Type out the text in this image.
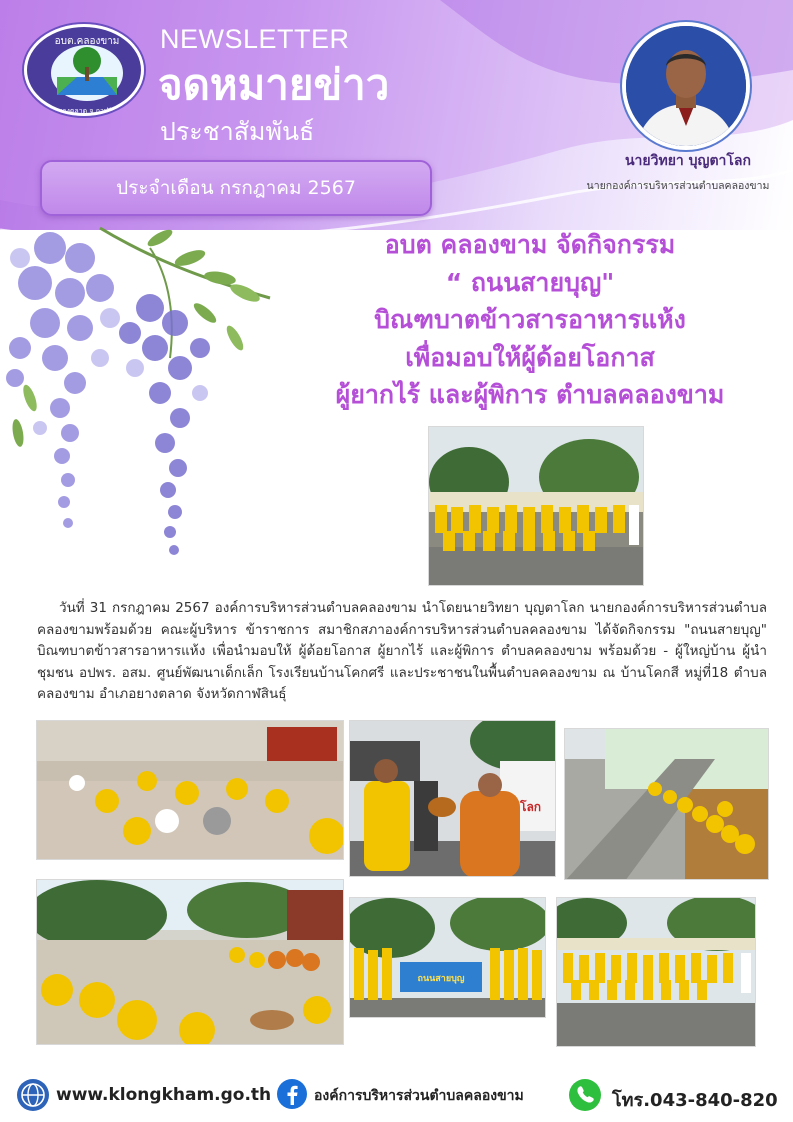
อบต.คลองขาม
อ.ยางตลาด จ.กาฬสินธุ์
NEWSLETTER
จดหมายข่าว
ประชาสัมพันธ์
ประจำเดือน กรกฎาคม 2567
นายวิทยา บุญตาโลก
นายกองค์การบริหารส่วนตำบลคลองขาม
อบต คลองขาม จัดกิจกรรม
“ ถนนสายบุญ"
บิณฑบาตข้าวสารอาหารแห้ง
เพื่อมอบให้ผู้ด้อยโอกาส
ผู้ยากไร้ และผู้พิการ ตำบลคลองขาม
วันที่ 31 กรกฎาคม 2567 องค์การบริหารส่วนตำบลคลองขาม นำโดยนายวิทยา บุญตาโลก นายกองค์การบริหารส่วนตำบลคลองขามพร้อมด้วย คณะผู้บริหาร ข้าราชการ สมาชิกสภาองค์การบริหารส่วนตำบลคลองขาม ได้จัดกิจกรรม "ถนนสายบุญ" บิณฑบาตข้าวสารอาหารแห้ง เพื่อนำมอบให้ ผู้ด้อยโอกาส ผู้ยากไร้ และผู้พิการ ตำบลคลองขาม พร้อมด้วย - ผู้ใหญ่บ้าน ผู้นำชุมชน อปพร. อสม. ศูนย์พัฒนาเด็กเล็ก โรงเรียนบ้านโคกศรี และประชาชนในพื้นตำบลคลองขาม ณ บ้านโคกสี หมู่ที่18 ตำบลคลองขาม อำเภอยางตลาด จังหวัดกาฬสินธุ์
โลก
ถนนสายบุญ
www.klongkham.go.th	องค์การบริหารส่วนตำบลคลองขาม	โทร.043-840-820
